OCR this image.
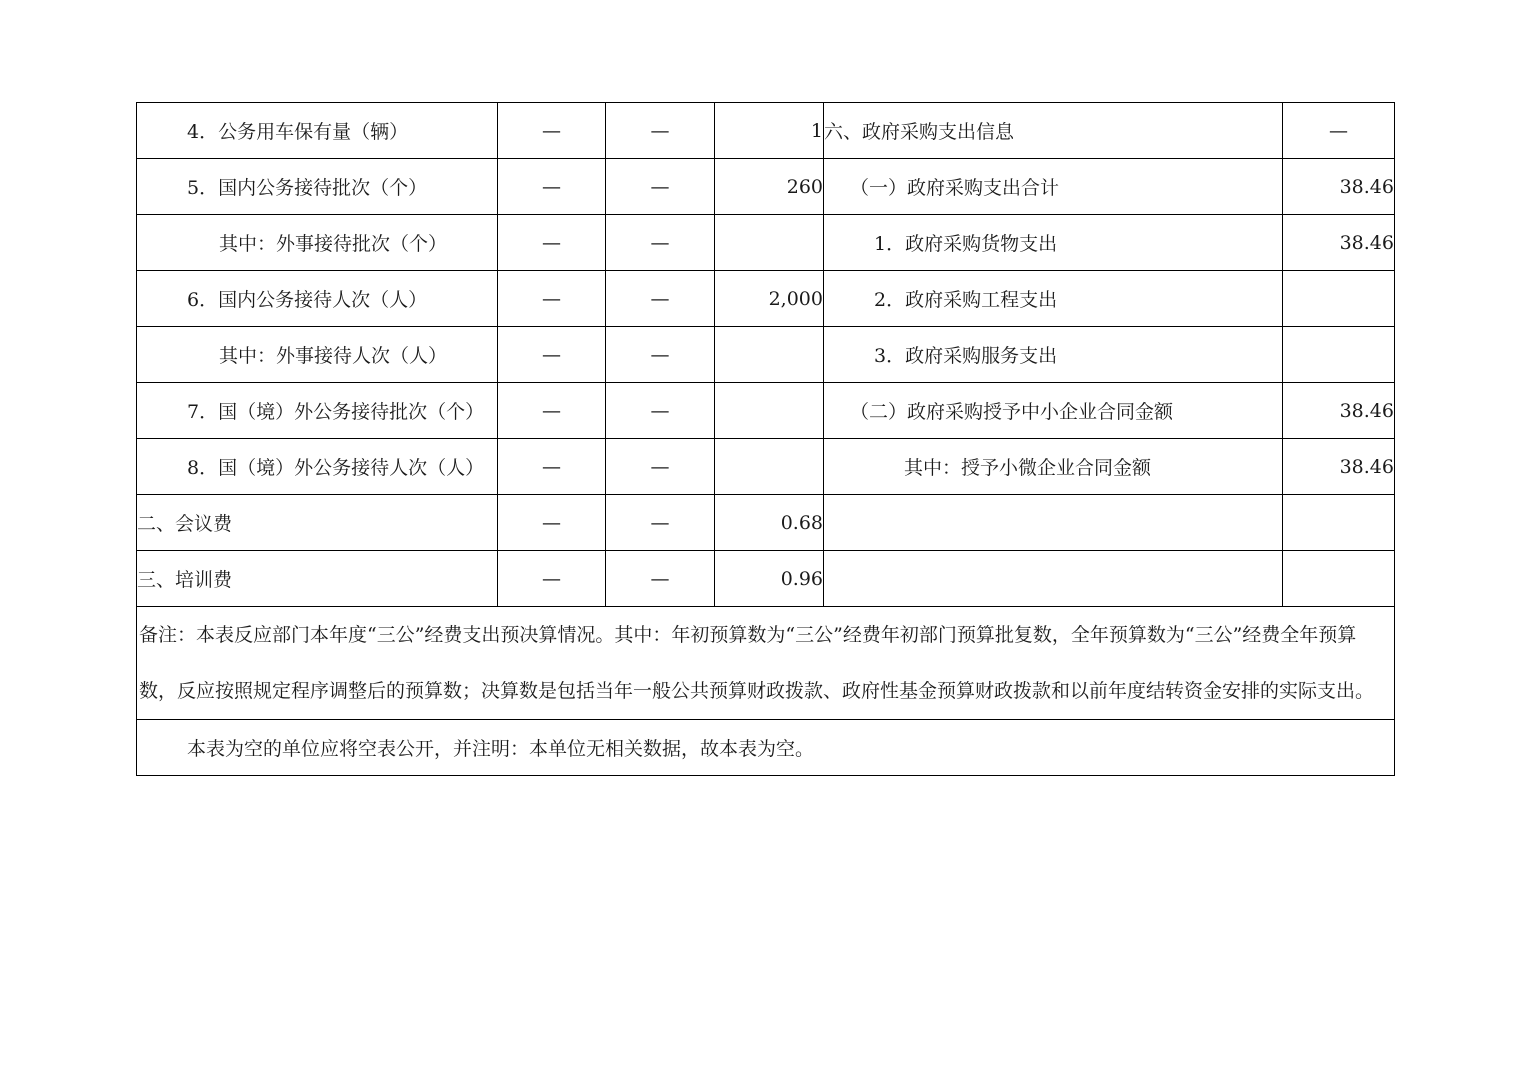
4．公务用车保有量（辆）	—	—	1	六、政府采购支出信息	—
5．国内公务接待批次（个）	—	—	260	（一）政府采购支出合计	38.46
其中：外事接待批次（个）	—	—		1．政府采购货物支出	38.46
6．国内公务接待人次（人）	—	—	2,000	2．政府采购工程支出	
其中：外事接待人次（人）	—	—		3．政府采购服务支出	
7．国（境）外公务接待批次（个）	—	—		（二）政府采购授予中小企业合同金额	38.46
8．国（境）外公务接待人次（人）	—	—		其中：授予小微企业合同金额	38.46
二、会议费	—	—	0.68		
三、培训费	—	—	0.96		
备注：本表反应部门本年度“三公”经费支出预决算情况。其中：年初预算数为“三公”经费年初部门预算批复数，全年预算数为“三公”经费全年预算数，反应按照规定程序调整后的预算数；决算数是包括当年一般公共预算财政拨款、政府性基金预算财政拨款和以前年度结转资金安排的实际支出。					
本表为空的单位应将空表公开，并注明：本单位无相关数据，故本表为空。					
